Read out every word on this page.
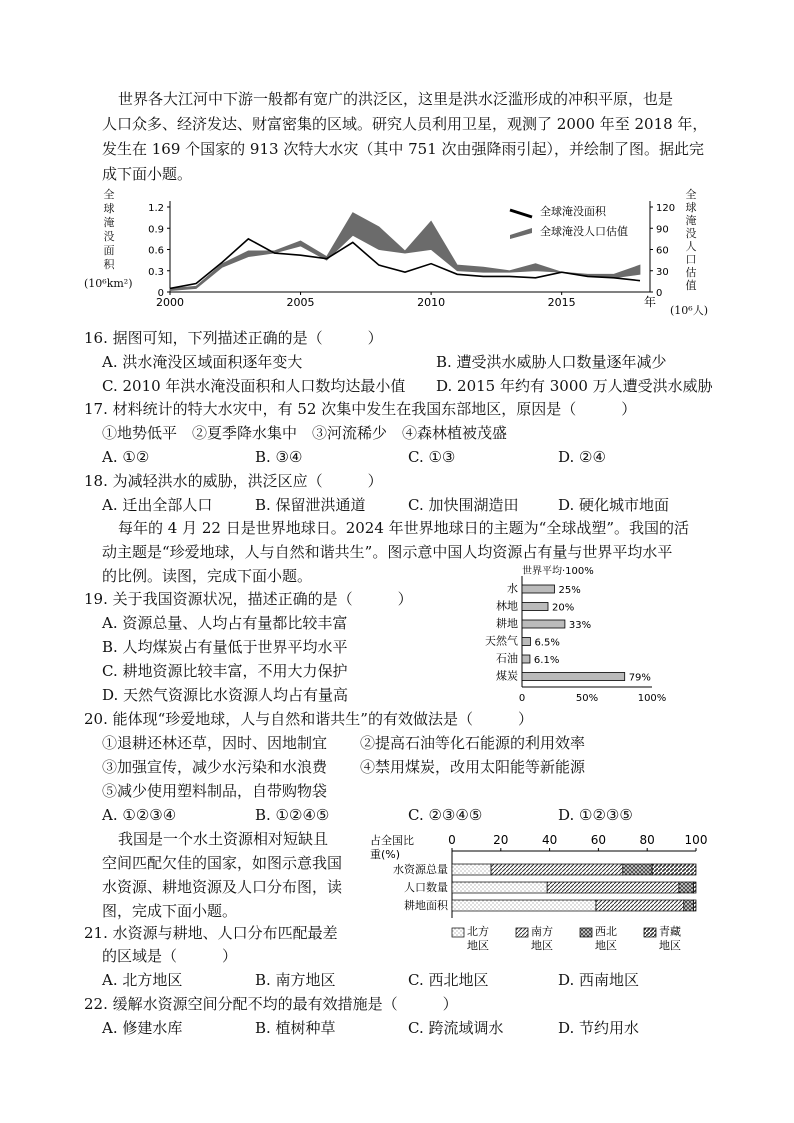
世界各大江河中下游一般都有宽广的洪泛区，这里是洪水泛滥形成的冲积平原，也是
人口众多、经济发达、财富密集的区域。研究人员利用卫星，观测了 2000 年至 2018 年，
发生在 169 个国家的 913 次特大水灾（其中 751 次由强降雨引起），并绘制了图。据此完
成下面小题。
全球淹没面积
(10⁶km²)
全球淹没人口估值
(10⁶人)
1.2
0.9
0.6
0.3
0
120
90
60
30
0
2000	2005	2010	2015	年
全球淹没面积
全球淹没人口估值
16. 据图可知，下列描述正确的是（　　　）
A. 洪水淹没区域面积逐年变大	B. 遭受洪水威胁人口数量逐年减少
C. 2010 年洪水淹没面积和人口数均达最小值 D. 2015 年约有 3000 万人遭受洪水威胁
17. 材料统计的特大水灾中，有 52 次集中发生在我国东部地区，原因是（　　　）
①地势低平　②夏季降水集中　③河流稀少　④森林植被茂盛
A. ①②	B. ③④	C. ①③	D. ②④
18. 为减轻洪水的威胁，洪泛区应（　　　）
A. 迁出全部人口	B. 保留泄洪通道	C. 加快围湖造田	D. 硬化城市地面
每年的 4 月 22 日是世界地球日。2024 年世界地球日的主题为“全球战塑”。我国的活
动主题是“珍爱地球，人与自然和谐共生”。图示意中国人均资源占有量与世界平均水平
的比例。读图，完成下面小题。	世界平均·100%
0	50%	100%
水	25%
林地	20%
耕地	33%
天然气 6.5%
石油 6.1%
煤炭	79%
19. 关于我国资源状况，描述正确的是（　　　）
A. 资源总量、人均占有量都比较丰富
B. 人均煤炭占有量低于世界平均水平
C. 耕地资源比较丰富，不用大力保护
D. 天然气资源比水资源人均占有量高
20. 能体现“珍爱地球，人与自然和谐共生”的有效做法是（　　　）
①退耕还林还草，因时、因地制宜 ②提高石油等化石能源的利用效率
③加强宣传，减少水污染和水浪费 ④禁用煤炭，改用太阳能等新能源
⑤减少使用塑料制品，自带购物袋
A. ①②③④	B. ①②④⑤	C. ②③④⑤	D. ①②③⑤
我国是一个水土资源相对短缺且
空间匹配欠佳的国家，如图示意我国
水资源、耕地资源及人口分布图，读
图，完成下面小题。
占全国比
重(%)
0	20	40	60	80 100
水资源总量
人口数量
耕地面积
北方
地区
南方
地区
西北
地区
青藏
地区
21. 水资源与耕地、人口分布匹配最差
的区域是（　　　）
A. 北方地区	B. 南方地区	C. 西北地区	D. 西南地区
22. 缓解水资源空间分配不均的最有效措施是（　　　）
A. 修建水库	B. 植树种草	C. 跨流域调水	D. 节约用水
